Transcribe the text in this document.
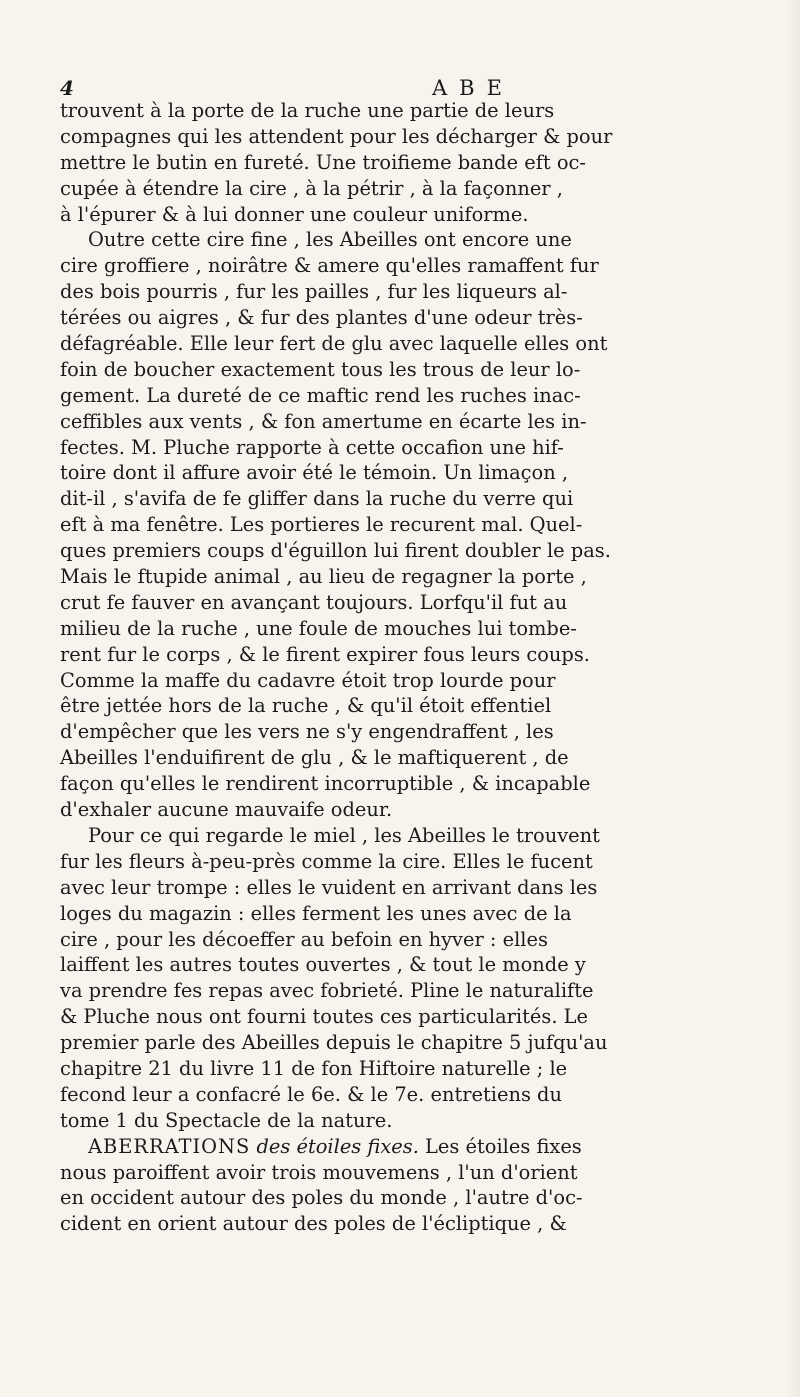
4	ABE
trouvent à la porte de la ruche une partie de leurs
compagnes qui les attendent pour les décharger & pour
mettre le butin en fureté. Une troifieme bande eft oc-
cupée à étendre la cire , à la pétrir , à la façonner ,
à l'épurer & à lui donner une couleur uniforme.
Outre cette cire fine , les Abeilles ont encore une
cire groffiere , noirâtre & amere qu'elles ramaffent fur
des bois pourris , fur les pailles , fur les liqueurs al-
térées ou aigres , & fur des plantes d'une odeur très-
défagréable. Elle leur fert de glu avec laquelle elles ont
foin de boucher exactement tous les trous de leur lo-
gement. La dureté de ce maftic rend les ruches inac-
ceffibles aux vents , & fon amertume en écarte les in-
fectes. M. Pluche rapporte à cette occafion une hif-
toire dont il affure avoir été le témoin. Un limaçon ,
dit-il , s'avifa de fe gliffer dans la ruche du verre qui
eft à ma fenêtre. Les portieres le recurent mal. Quel-
ques premiers coups d'éguillon lui firent doubler le pas.
Mais le ftupide animal , au lieu de regagner la porte ,
crut fe fauver en avançant toujours. Lorfqu'il fut au
milieu de la ruche , une foule de mouches lui tombe-
rent fur le corps , & le firent expirer fous leurs coups.
Comme la maffe du cadavre étoit trop lourde pour
être jettée hors de la ruche , & qu'il étoit effentiel
d'empêcher que les vers ne s'y engendraffent , les
Abeilles l'enduifirent de glu , & le maftiquerent , de
façon qu'elles le rendirent incorruptible , & incapable
d'exhaler aucune mauvaife odeur.
Pour ce qui regarde le miel , les Abeilles le trouvent
fur les fleurs à-peu-près comme la cire. Elles le fucent
avec leur trompe : elles le vuident en arrivant dans les
loges du magazin : elles ferment les unes avec de la
cire , pour les décoeffer au befoin en hyver : elles
laiffent les autres toutes ouvertes , & tout le monde y
va prendre fes repas avec fobrieté. Pline le naturalifte
& Pluche nous ont fourni toutes ces particularités. Le
premier parle des Abeilles depuis le chapitre 5 jufqu'au
chapitre 21 du livre 11 de fon Hiftoire naturelle ; le
fecond leur a confacré le 6e. & le 7e. entretiens du
tome 1 du Spectacle de la nature.
ABERRATIONS des étoiles fixes. Les étoiles fixes
nous paroiffent avoir trois mouvemens , l'un d'orient
en occident autour des poles du monde , l'autre d'oc-
cident en orient autour des poles de l'écliptique , &
